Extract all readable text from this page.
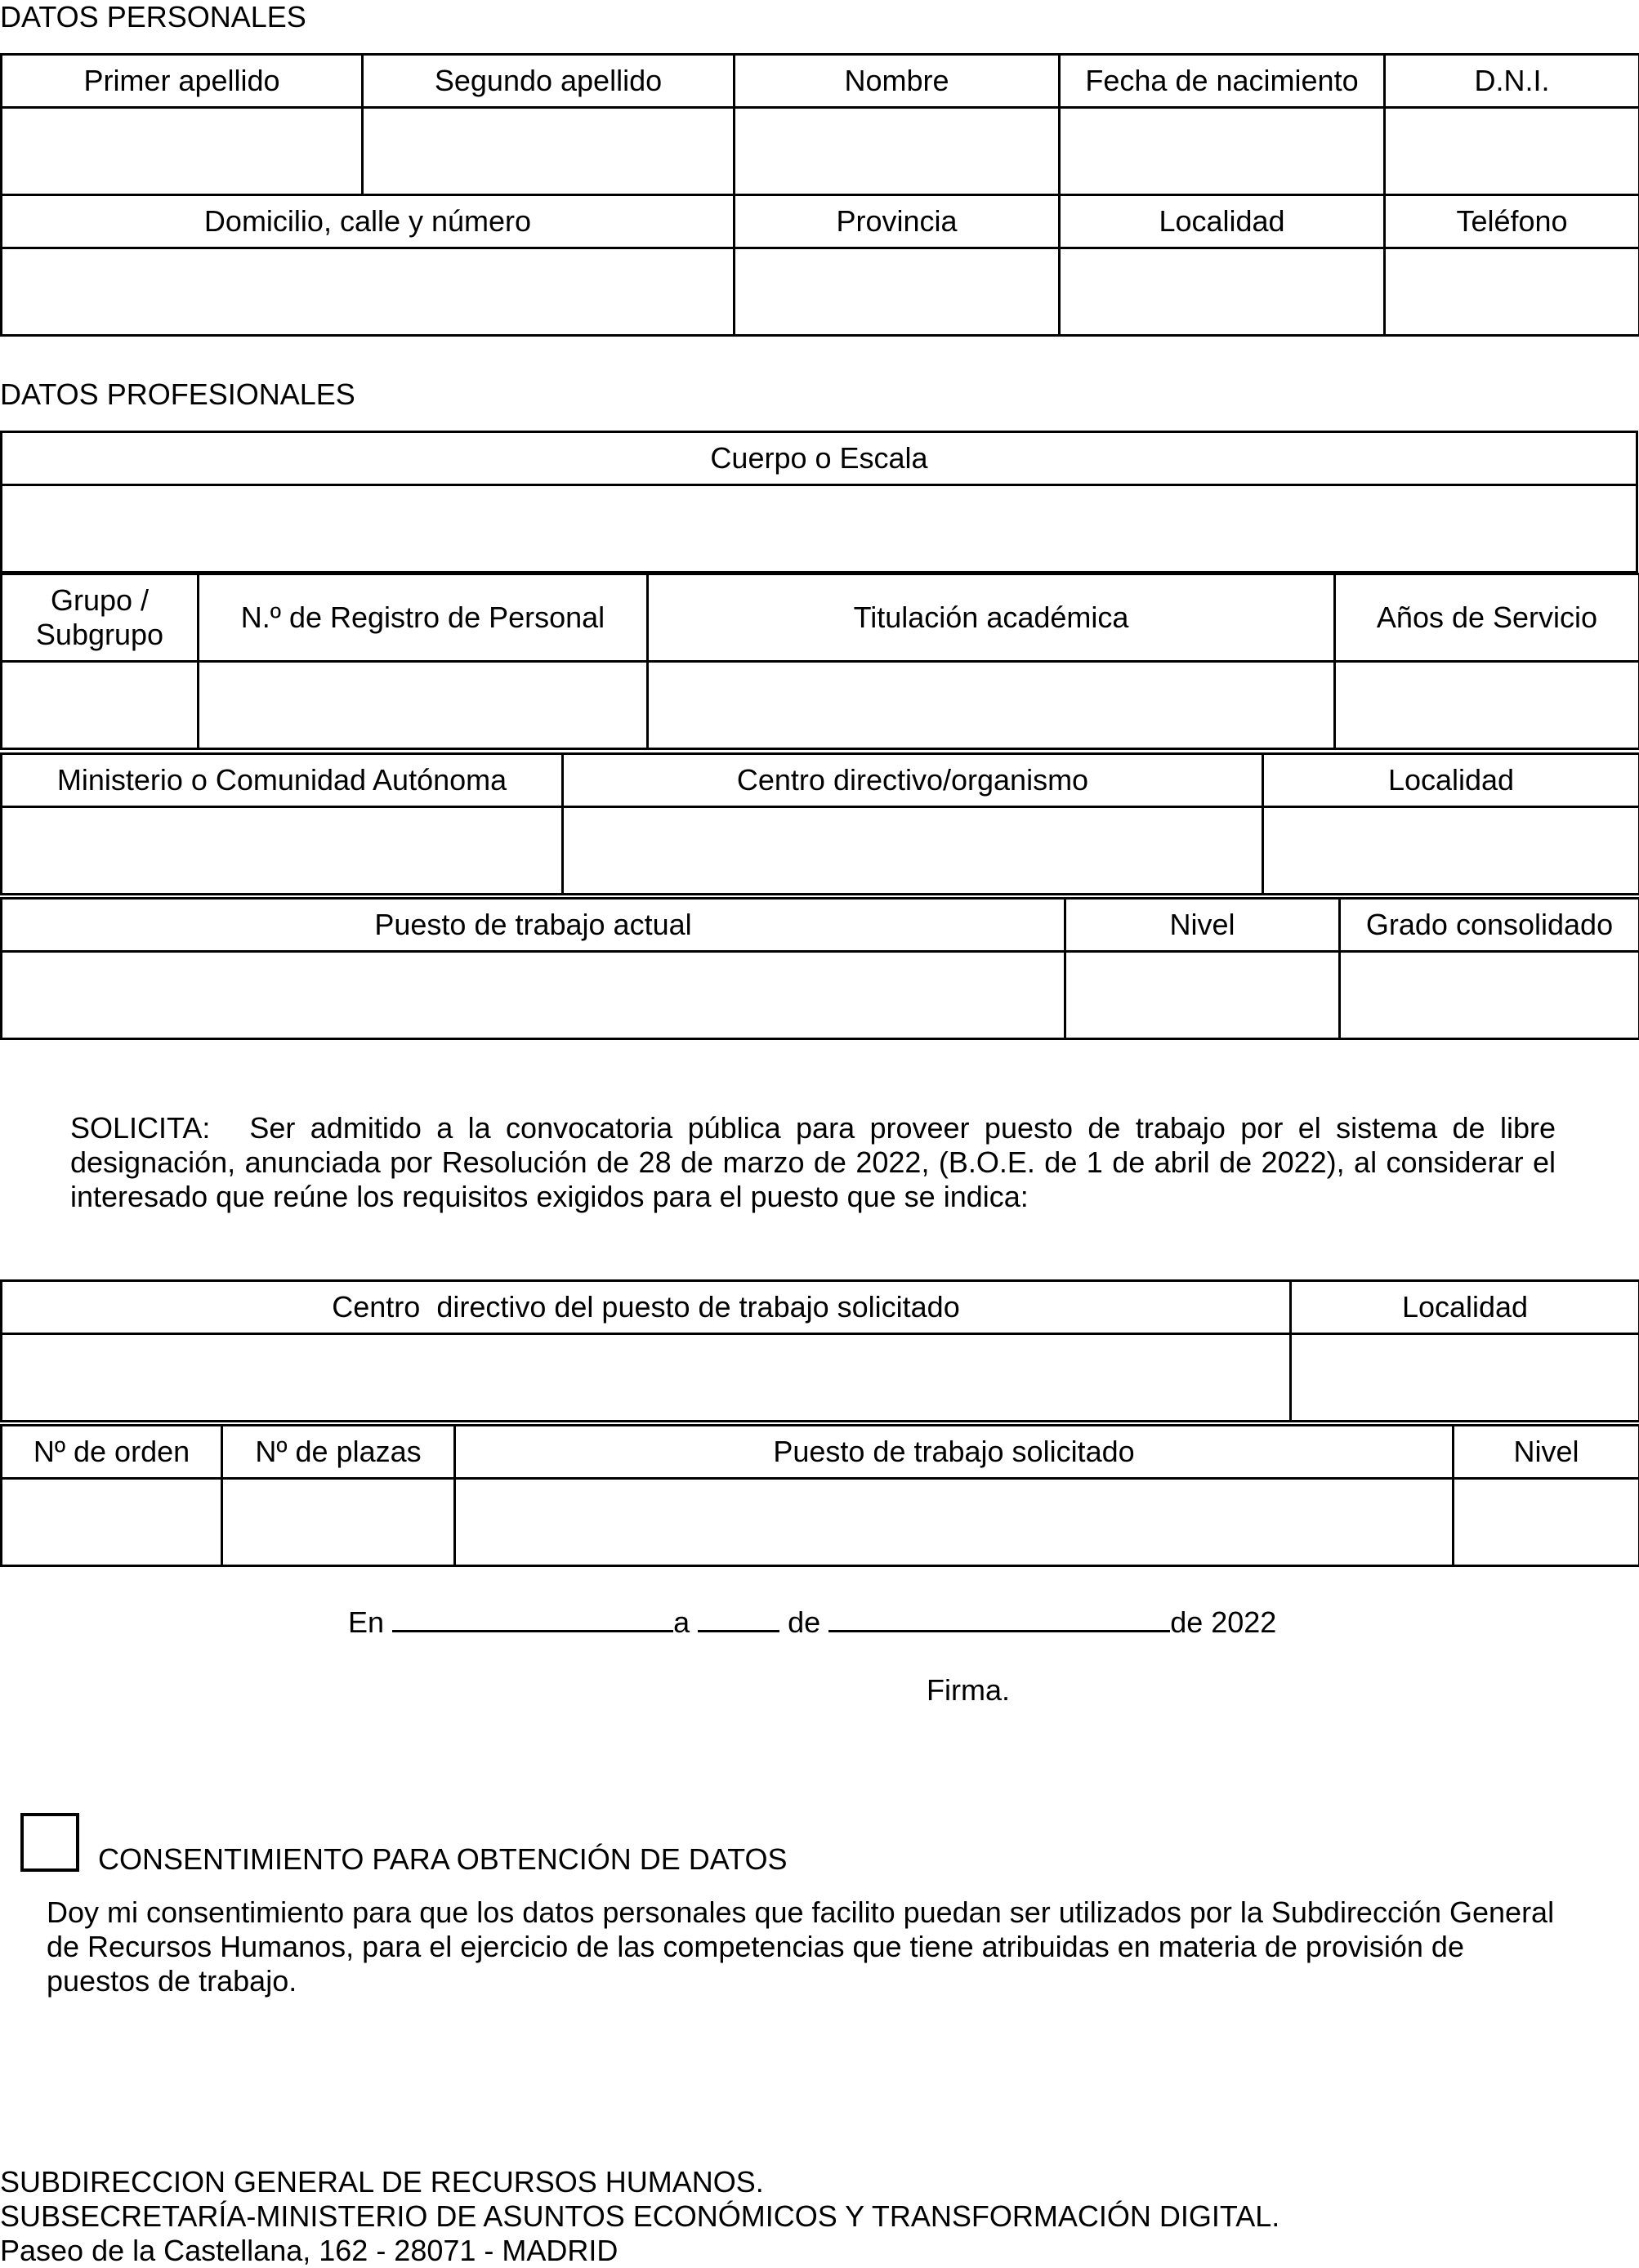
DATOS PERSONALES
Primer apellido	Segundo apellido	Nombre	Fecha de nacimiento	D.N.I.

Domicilio, calle y número		Provincia	Localidad	Teléfono

DATOS PROFESIONALES
Cuerpo o Escala

Grupo / Subgrupo	N.º de Registro de Personal	Titulación académica	Años de Servicio

Ministerio o Comunidad Autónoma	Centro directivo/organismo	Localidad

Puesto de trabajo actual	Nivel	Grado consolidado

SOLICITA: Ser admitido a la convocatoria pública para proveer puesto de trabajo por el sistema de libre designación, anunciada por Resolución de 28 de marzo de 2022, (B.O.E. de 1 de abril de 2022), al considerar el interesado que reúne los requisitos exigidos para el puesto que se indica:
Centro  directivo del puesto de trabajo solicitado	Localidad

Nº de orden	Nº de plazas	Puesto de trabajo solicitado	Nivel

En	a	de	de 2022
Firma.
CONSENTIMIENTO PARA OBTENCIÓN DE DATOS
Doy mi consentimiento para que los datos personales que facilito puedan ser utilizados por la Subdirección General de Recursos Humanos, para el ejercicio de las competencias que tiene atribuidas en materia de provisión de puestos de trabajo.
SUBDIRECCION GENERAL DE RECURSOS HUMANOS.
SUBSECRETARÍA-MINISTERIO DE ASUNTOS ECONÓMICOS Y TRANSFORMACIÓN DIGITAL.
Paseo de la Castellana, 162 - 28071 - MADRID
